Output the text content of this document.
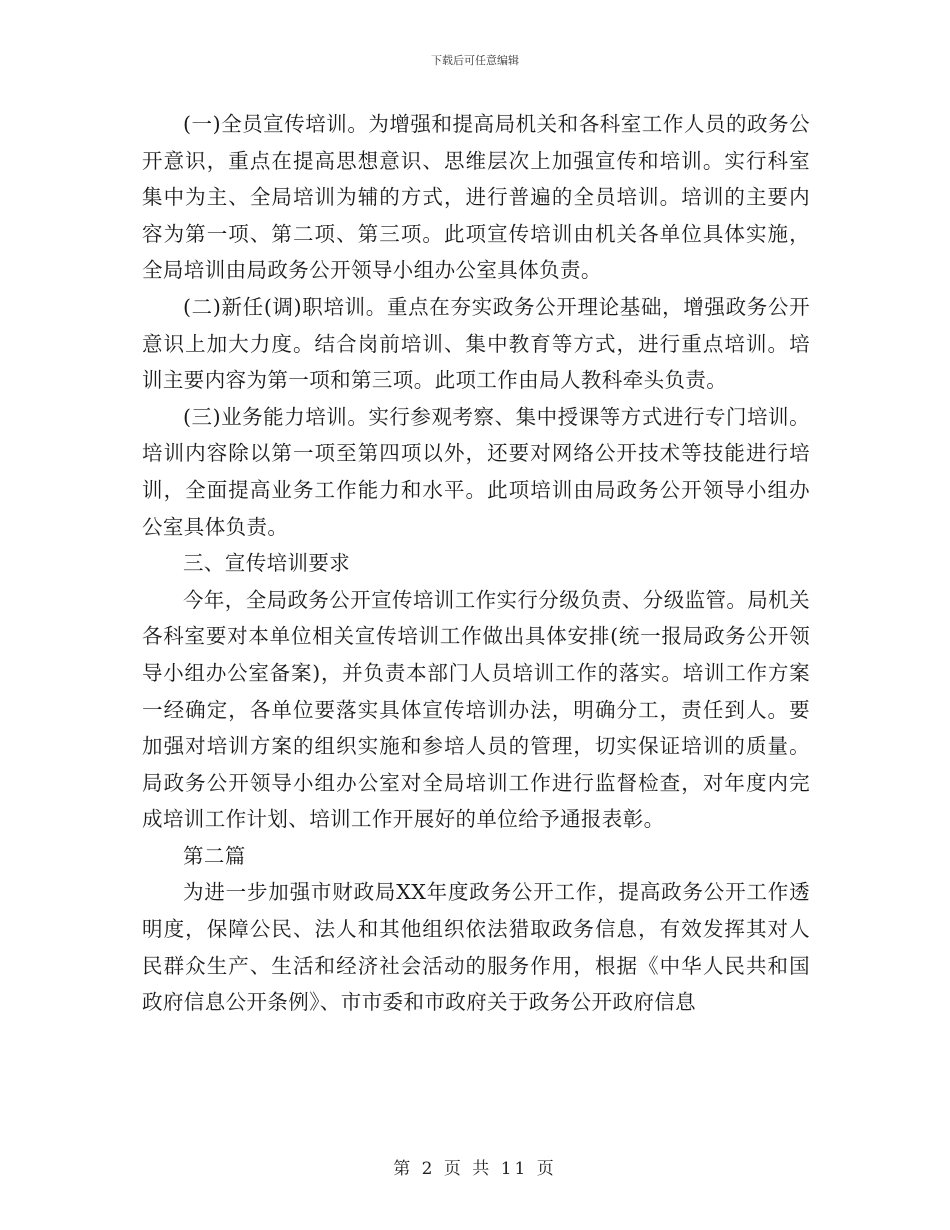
下载后可任意编辑

(一)全员宣传培训。为增强和提高局机关和各科室工作人员的政务公开意识，重点在提高思想意识、思维层次上加强宣传和培训。实行科室集中为主、全局培训为辅的方式，进行普遍的全员培训。培训的主要内容为第一项、第二项、第三项。此项宣传培训由机关各单位具体实施，全局培训由局政务公开领导小组办公室具体负责。

(二)新任(调)职培训。重点在夯实政务公开理论基础，增强政务公开意识上加大力度。结合岗前培训、集中教育等方式，进行重点培训。培训主要内容为第一项和第三项。此项工作由局人教科牵头负责。

(三)业务能力培训。实行参观考察、集中授课等方式进行专门培训。培训内容除以第一项至第四项以外，还要对网络公开技术等技能进行培训，全面提高业务工作能力和水平。此项培训由局政务公开领导小组办公室具体负责。

三、宣传培训要求

今年，全局政务公开宣传培训工作实行分级负责、分级监管。局机关各科室要对本单位相关宣传培训工作做出具体安排(统一报局政务公开领导小组办公室备案)，并负责本部门人员培训工作的落实。培训工作方案一经确定，各单位要落实具体宣传培训办法，明确分工，责任到人。要加强对培训方案的组织实施和参培人员的管理，切实保证培训的质量。局政务公开领导小组办公室对全局培训工作进行监督检查，对年度内完成培训工作计划、培训工作开展好的单位给予通报表彰。

第二篇

为进一步加强市财政局XX年度政务公开工作，提高政务公开工作透明度，保障公民、法人和其他组织依法猎取政务信息，有效发挥其对人民群众生产、生活和经济社会活动的服务作用，根据《中华人民共和国政府信息公开条例》、市市委和市政府关于政务公开政府信息

第 2 页 共 11 页
